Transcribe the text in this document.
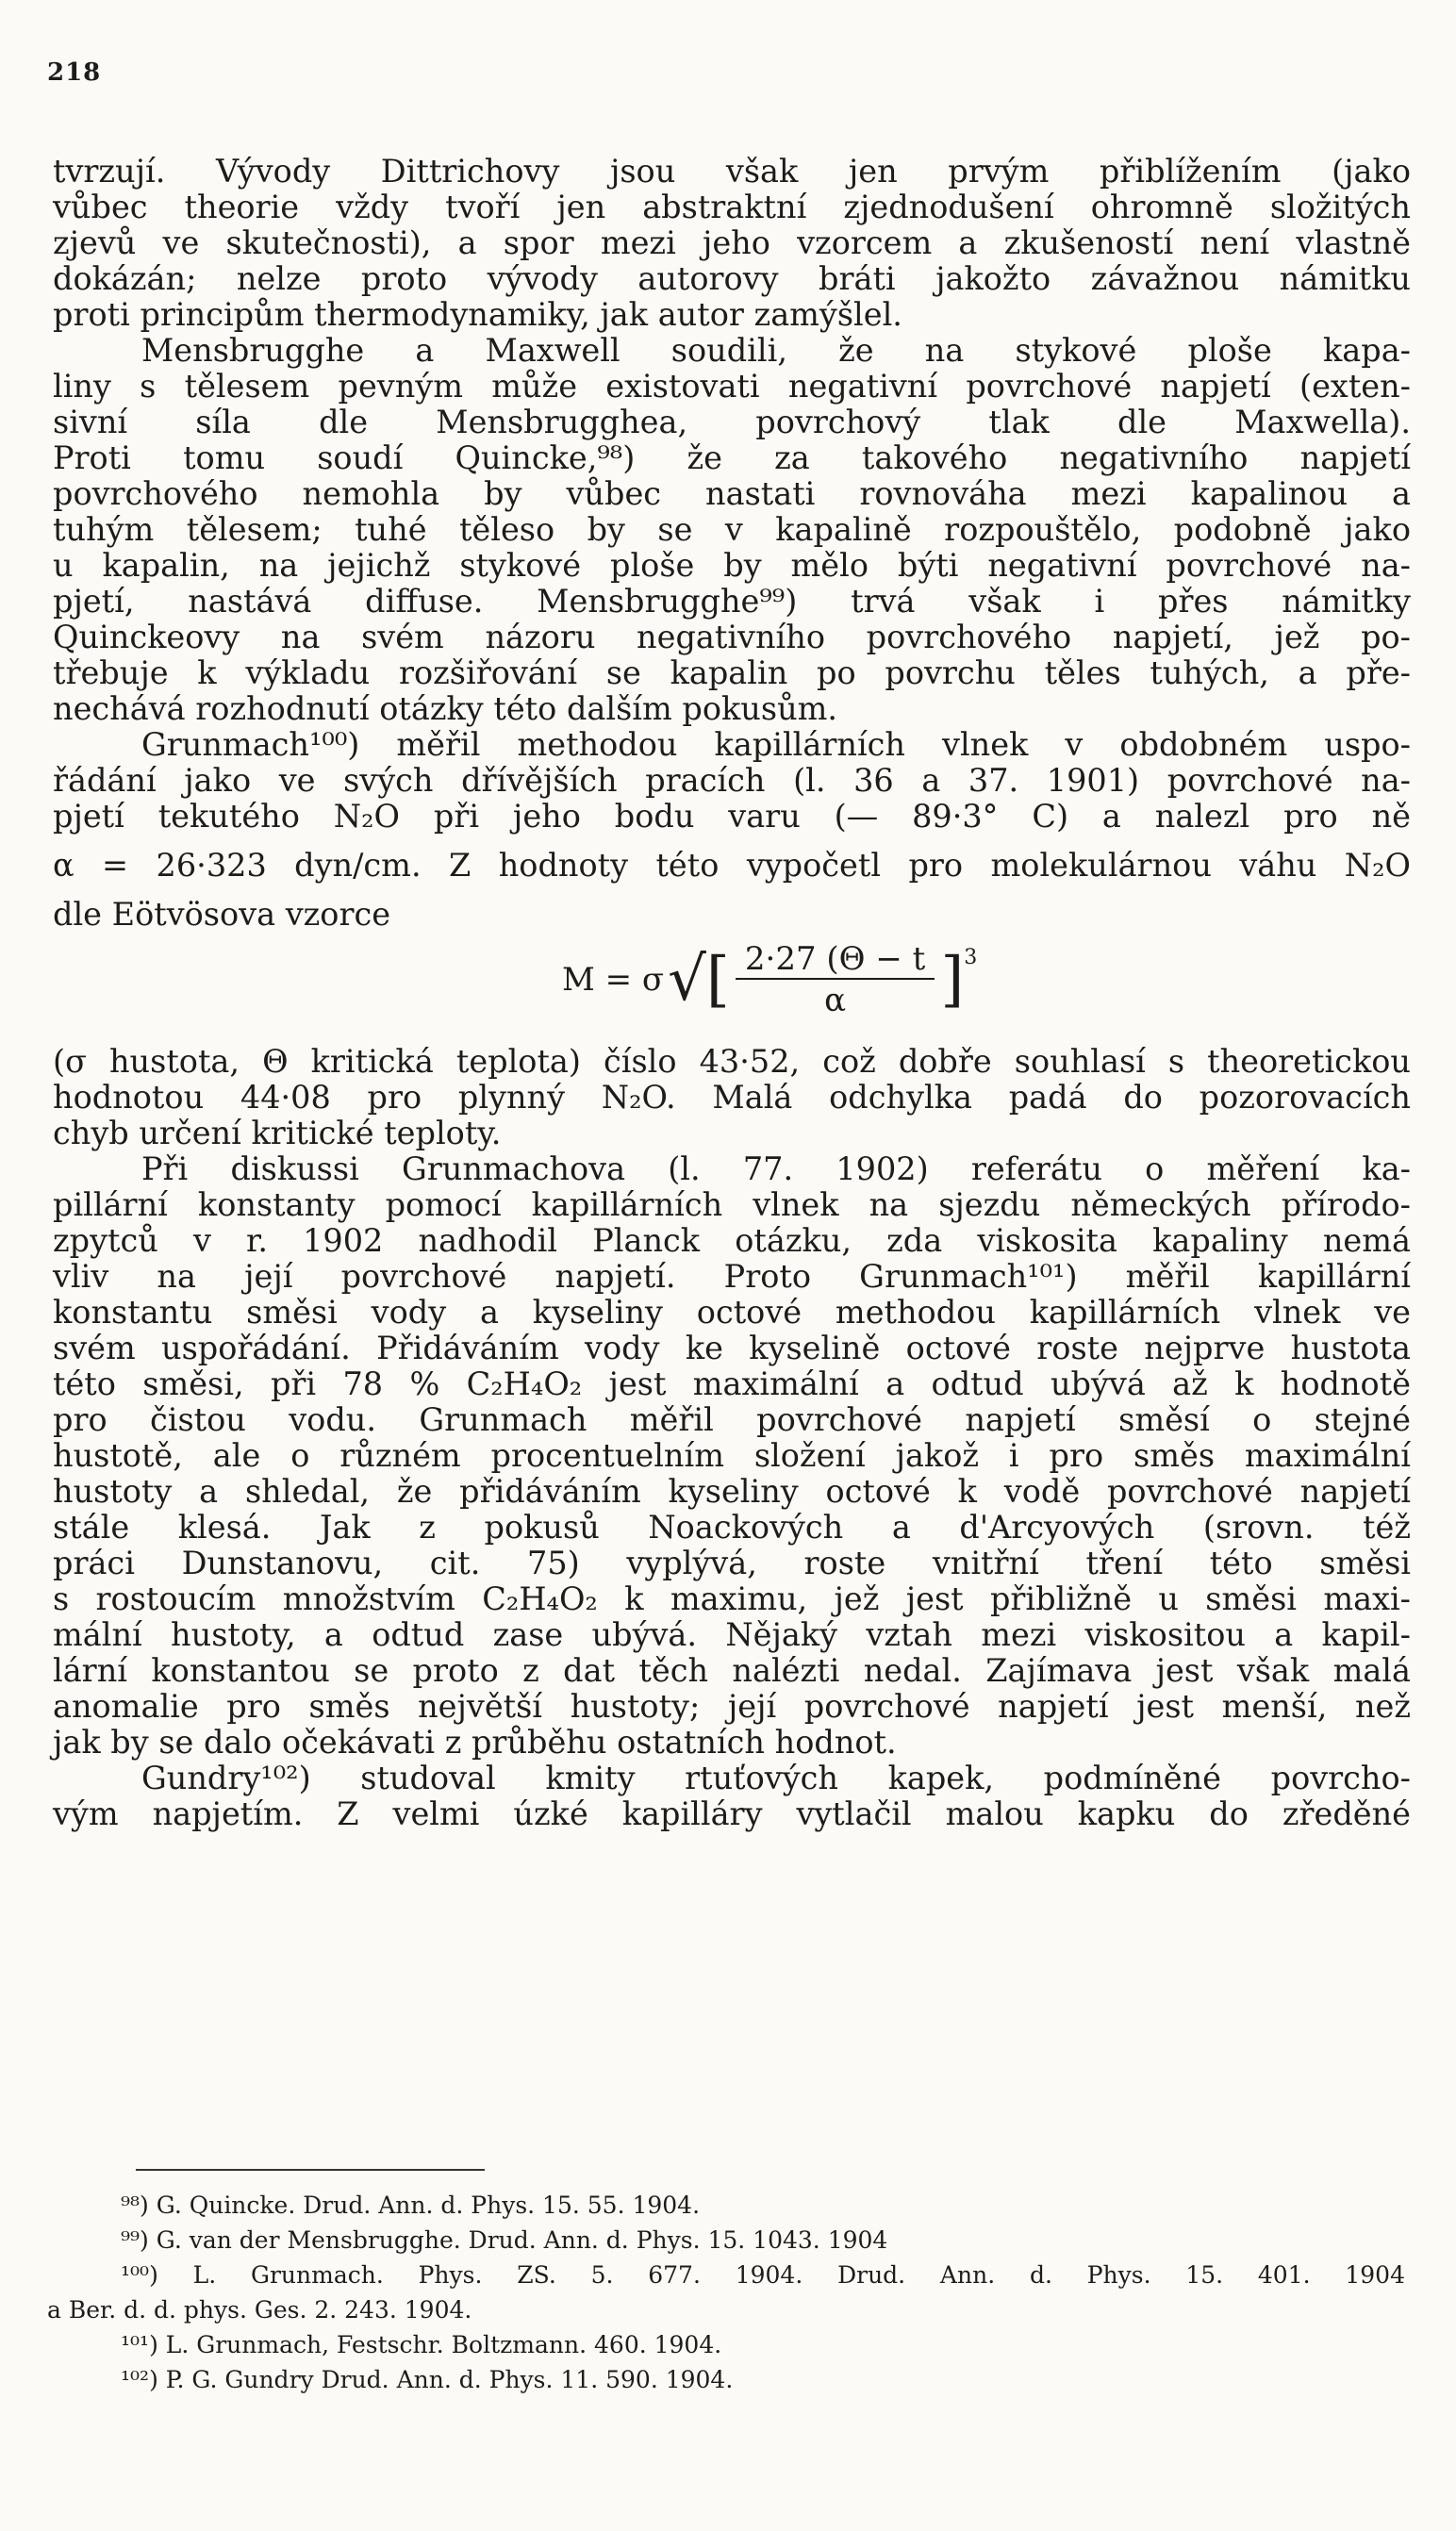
218
tvrzují. Vývody Dittrichovy jsou však jen prvým přiblížením (jako
vůbec theorie vždy tvoří jen abstraktní zjednodušení ohromně složitých
zjevů ve skutečnosti), a spor mezi jeho vzorcem a zkušeností není vlastně
dokázán; nelze proto vývody autorovy bráti jakožto závažnou námitku
proti principům thermodynamiky, jak autor zamýšlel.
Mensbrugghe a Maxwell soudili, že na stykové ploše kapa-
liny s tělesem pevným může existovati negativní povrchové napjetí (exten-
sivní síla dle Mensbrugghea, povrchový tlak dle Maxwella).
Proti tomu soudí Quincke,⁹⁸) že za takového negativního napjetí
povrchového nemohla by vůbec nastati rovnováha mezi kapalinou a
tuhým tělesem; tuhé těleso by se v kapalině rozpouštělo, podobně jako
u kapalin, na jejichž stykové ploše by mělo býti negativní povrchové na-
pjetí, nastává diffuse. Mensbrugghe⁹⁹) trvá však i přes námitky
Quinckeovy na svém názoru negativního povrchového napjetí, jež po-
třebuje k výkladu rozšiřování se kapalin po povrchu těles tuhých, a pře-
nechává rozhodnutí otázky této dalším pokusům.
Grunmach¹⁰⁰) měřil methodou kapillárních vlnek v obdobném uspo-
řádání jako ve svých dřívějších pracích (l. 36 a 37. 1901) povrchové na-
pjetí tekutého N₂O při jeho bodu varu (— 89·3° C) a nalezl pro ně
α = 26·323 dyn/cm. Z hodnoty této vypočetl pro molekulárnou váhu N₂O
dle Eötvösova vzorce
M = σ √ [ $\frac{2\cdot 27 (\Theta - t}{\alpha} ]^3$
(σ hustota, Θ kritická teplota) číslo 43·52, což dobře souhlasí s theoretickou
hodnotou 44·08 pro plynný N₂O. Malá odchylka padá do pozorovacích
chyb určení kritické teploty.
Při diskussi Grunmachova (l. 77. 1902) referátu o měření ka-
pillární konstanty pomocí kapillárních vlnek na sjezdu německých přírodo-
zpytců v r. 1902 nadhodil Planck otázku, zda viskosita kapaliny nemá
vliv na její povrchové napjetí. Proto Grunmach¹⁰¹) měřil kapillární
konstantu směsi vody a kyseliny octové methodou kapillárních vlnek ve
svém uspořádání. Přidáváním vody ke kyselině octové roste nejprve hustota
této směsi, při 78 % C₂H₄O₂ jest maximální a odtud ubývá až k hodnotě
pro čistou vodu. Grunmach měřil povrchové napjetí směsí o stejné
hustotě, ale o různém procentuelním složení jakož i pro směs maximální
hustoty a shledal, že přidáváním kyseliny octové k vodě povrchové napjetí
stále klesá. Jak z pokusů Noackových a d'Arcyových (srovn. též
práci Dunstanovu, cit. 75) vyplývá, roste vnitřní tření této směsi
s rostoucím množstvím C₂H₄O₂ k maximu, jež jest přibližně u směsi maxi-
mální hustoty, a odtud zase ubývá. Nějaký vztah mezi viskositou a kapil-
lární konstantou se proto z dat těch nalézti nedal. Zajímava jest však malá
anomalie pro směs největší hustoty; její povrchové napjetí jest menší, než
jak by se dalo očekávati z průběhu ostatních hodnot.
Gundry¹⁰²) studoval kmity rtuťových kapek, podmíněné povrcho-
vým napjetím. Z velmi úzké kapilláry vytlačil malou kapku do zředěné
⁹⁸) G. Quincke. Drud. Ann. d. Phys. 15. 55. 1904.
⁹⁹) G. van der Mensbrugghe. Drud. Ann. d. Phys. 15. 1043. 1904
¹⁰⁰) L. Grunmach. Phys. ZS. 5. 677. 1904. Drud. Ann. d. Phys. 15. 401. 1904
a Ber. d. d. phys. Ges. 2. 243. 1904.
¹⁰¹) L. Grunmach, Festschr. Boltzmann. 460. 1904.
¹⁰²) P. G. Gundry Drud. Ann. d. Phys. 11. 590. 1904.
